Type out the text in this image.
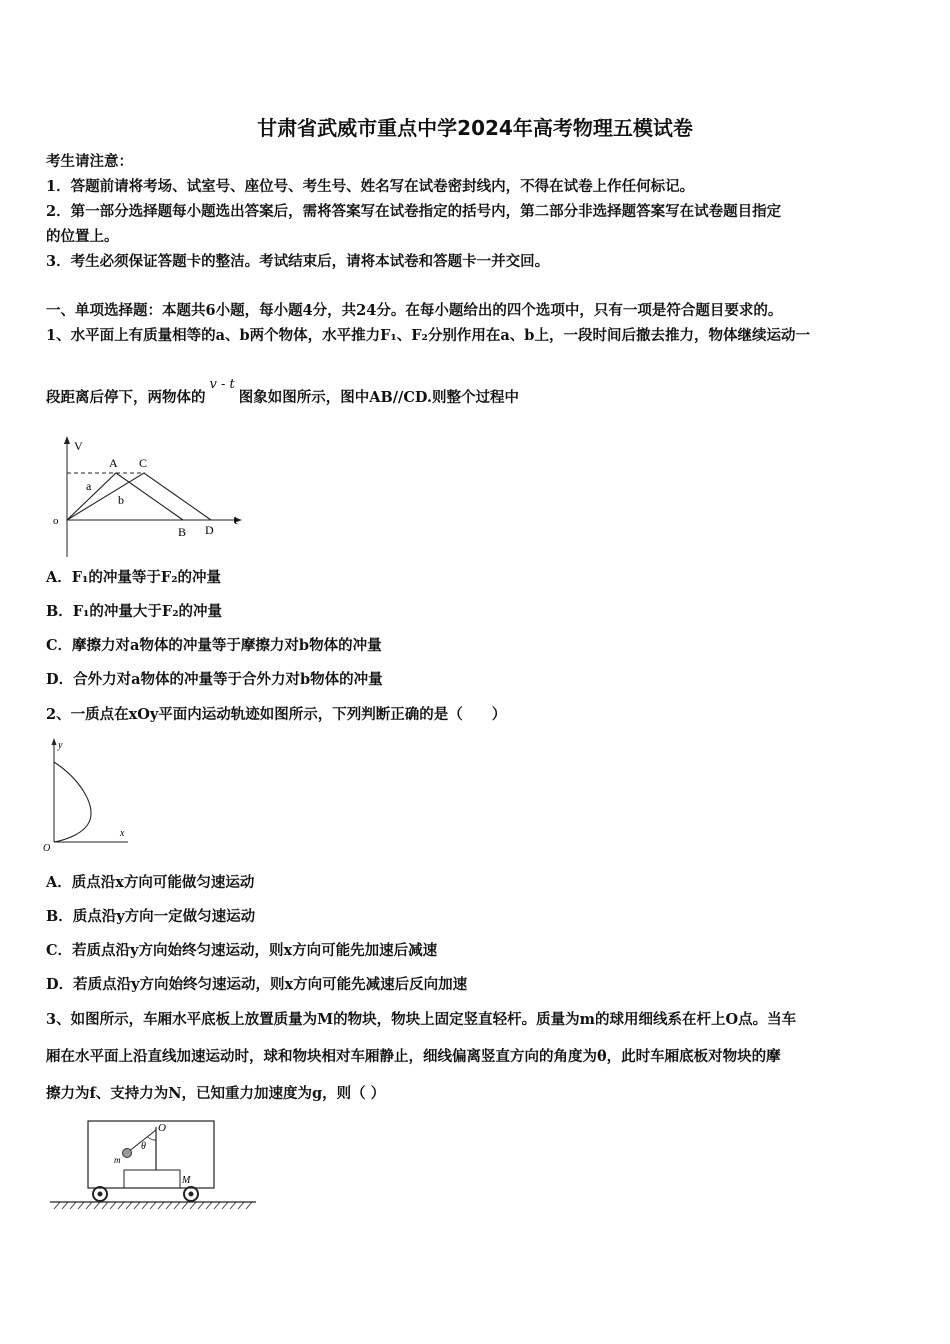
甘肃省武威市重点中学2024年高考物理五模试卷
考生请注意：
1．答题前请将考场、试室号、座位号、考生号、姓名写在试卷密封线内，不得在试卷上作任何标记。
2．第一部分选择题每小题选出答案后，需将答案写在试卷指定的括号内，第二部分非选择题答案写在试卷题目指定
的位置上。
3．考生必须保证答题卡的整洁。考试结束后，请将本试卷和答题卡一并交回。
一、单项选择题：本题共6小题，每小题4分，共24分。在每小题给出的四个选项中，只有一项是符合题目要求的。
1、水平面上有质量相等的a、b两个物体，水平推力F₁、F₂分别作用在a、b上，一段时间后撤去推力，物体继续运动一
段距离后停下，两物体的v - t图象如图所示，图中AB//CD.则整个过程中
V
t
o
A C
a
b
B D
A．F₁的冲量等于F₂的冲量
B．F₁的冲量大于F₂的冲量
C．摩擦力对a物体的冲量等于摩擦力对b物体的冲量
D．合外力对a物体的冲量等于合外力对b物体的冲量
2、一质点在xOy平面内运动轨迹如图所示，下列判断正确的是（　　）
y
x
O
A．质点沿x方向可能做匀速运动
B．质点沿y方向一定做匀速运动
C．若质点沿y方向始终匀速运动，则x方向可能先加速后减速
D．若质点沿y方向始终匀速运动，则x方向可能先减速后反向加速
3、如图所示，车厢水平底板上放置质量为M的物块，物块上固定竖直轻杆。质量为m的球用细线系在杆上O点。当车
厢在水平面上沿直线加速运动时，球和物块相对车厢静止，细线偏离竖直方向的角度为θ，此时车厢底板对物块的摩
擦力为f、支持力为N，已知重力加速度为g，则（ ）
O
θ
m
M
